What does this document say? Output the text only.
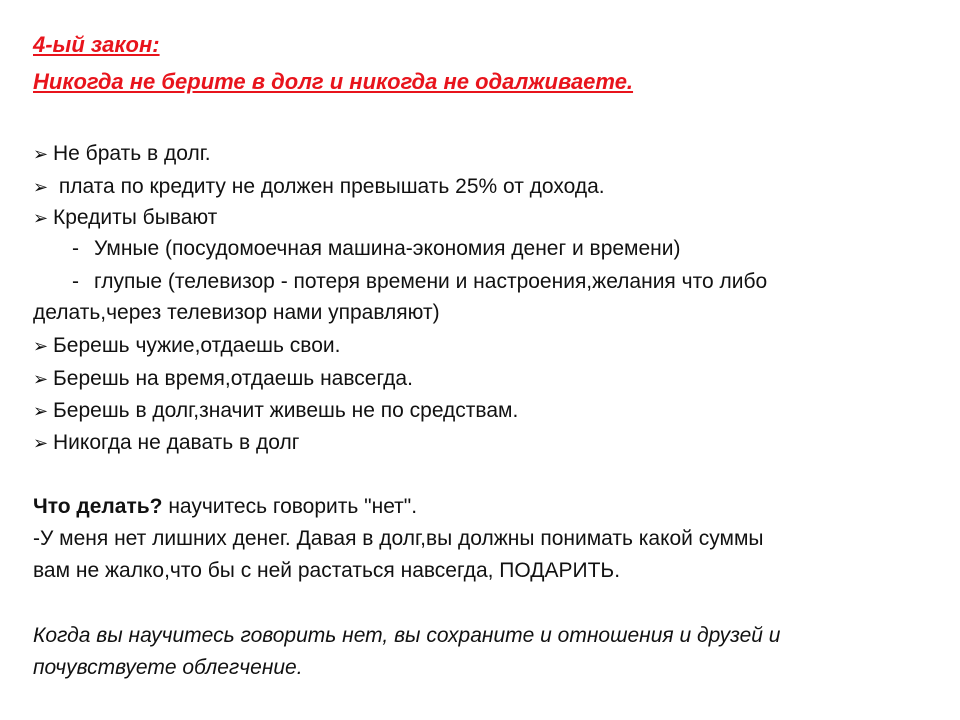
4-ый закон:
Никогда не берите в долг и никогда не одалживаете.
➢ Не брать в долг.
➢ плата по кредиту не должен превышать 25% от дохода.
➢ Кредиты бывают
- Умные (посудомоечная машина-экономия денег и времени)
- глупые (телевизор - потеря времени и настроения,желания что либо
делать,через телевизор нами управляют)
➢ Берешь чужие,отдаешь свои.
➢ Берешь на время,отдаешь навсегда.
➢ Берешь в долг,значит живешь не по средствам.
➢ Никогда не давать в долг
Что делать? научитесь говорить "нет".
-У меня нет лишних денег. Давая в долг,вы должны понимать какой суммы
вам не жалко,что бы с ней растаться навсегда, ПОДАРИТЬ.
Когда вы научитесь говорить нет, вы сохраните и отношения и друзей и
почувствуете облегчение.
